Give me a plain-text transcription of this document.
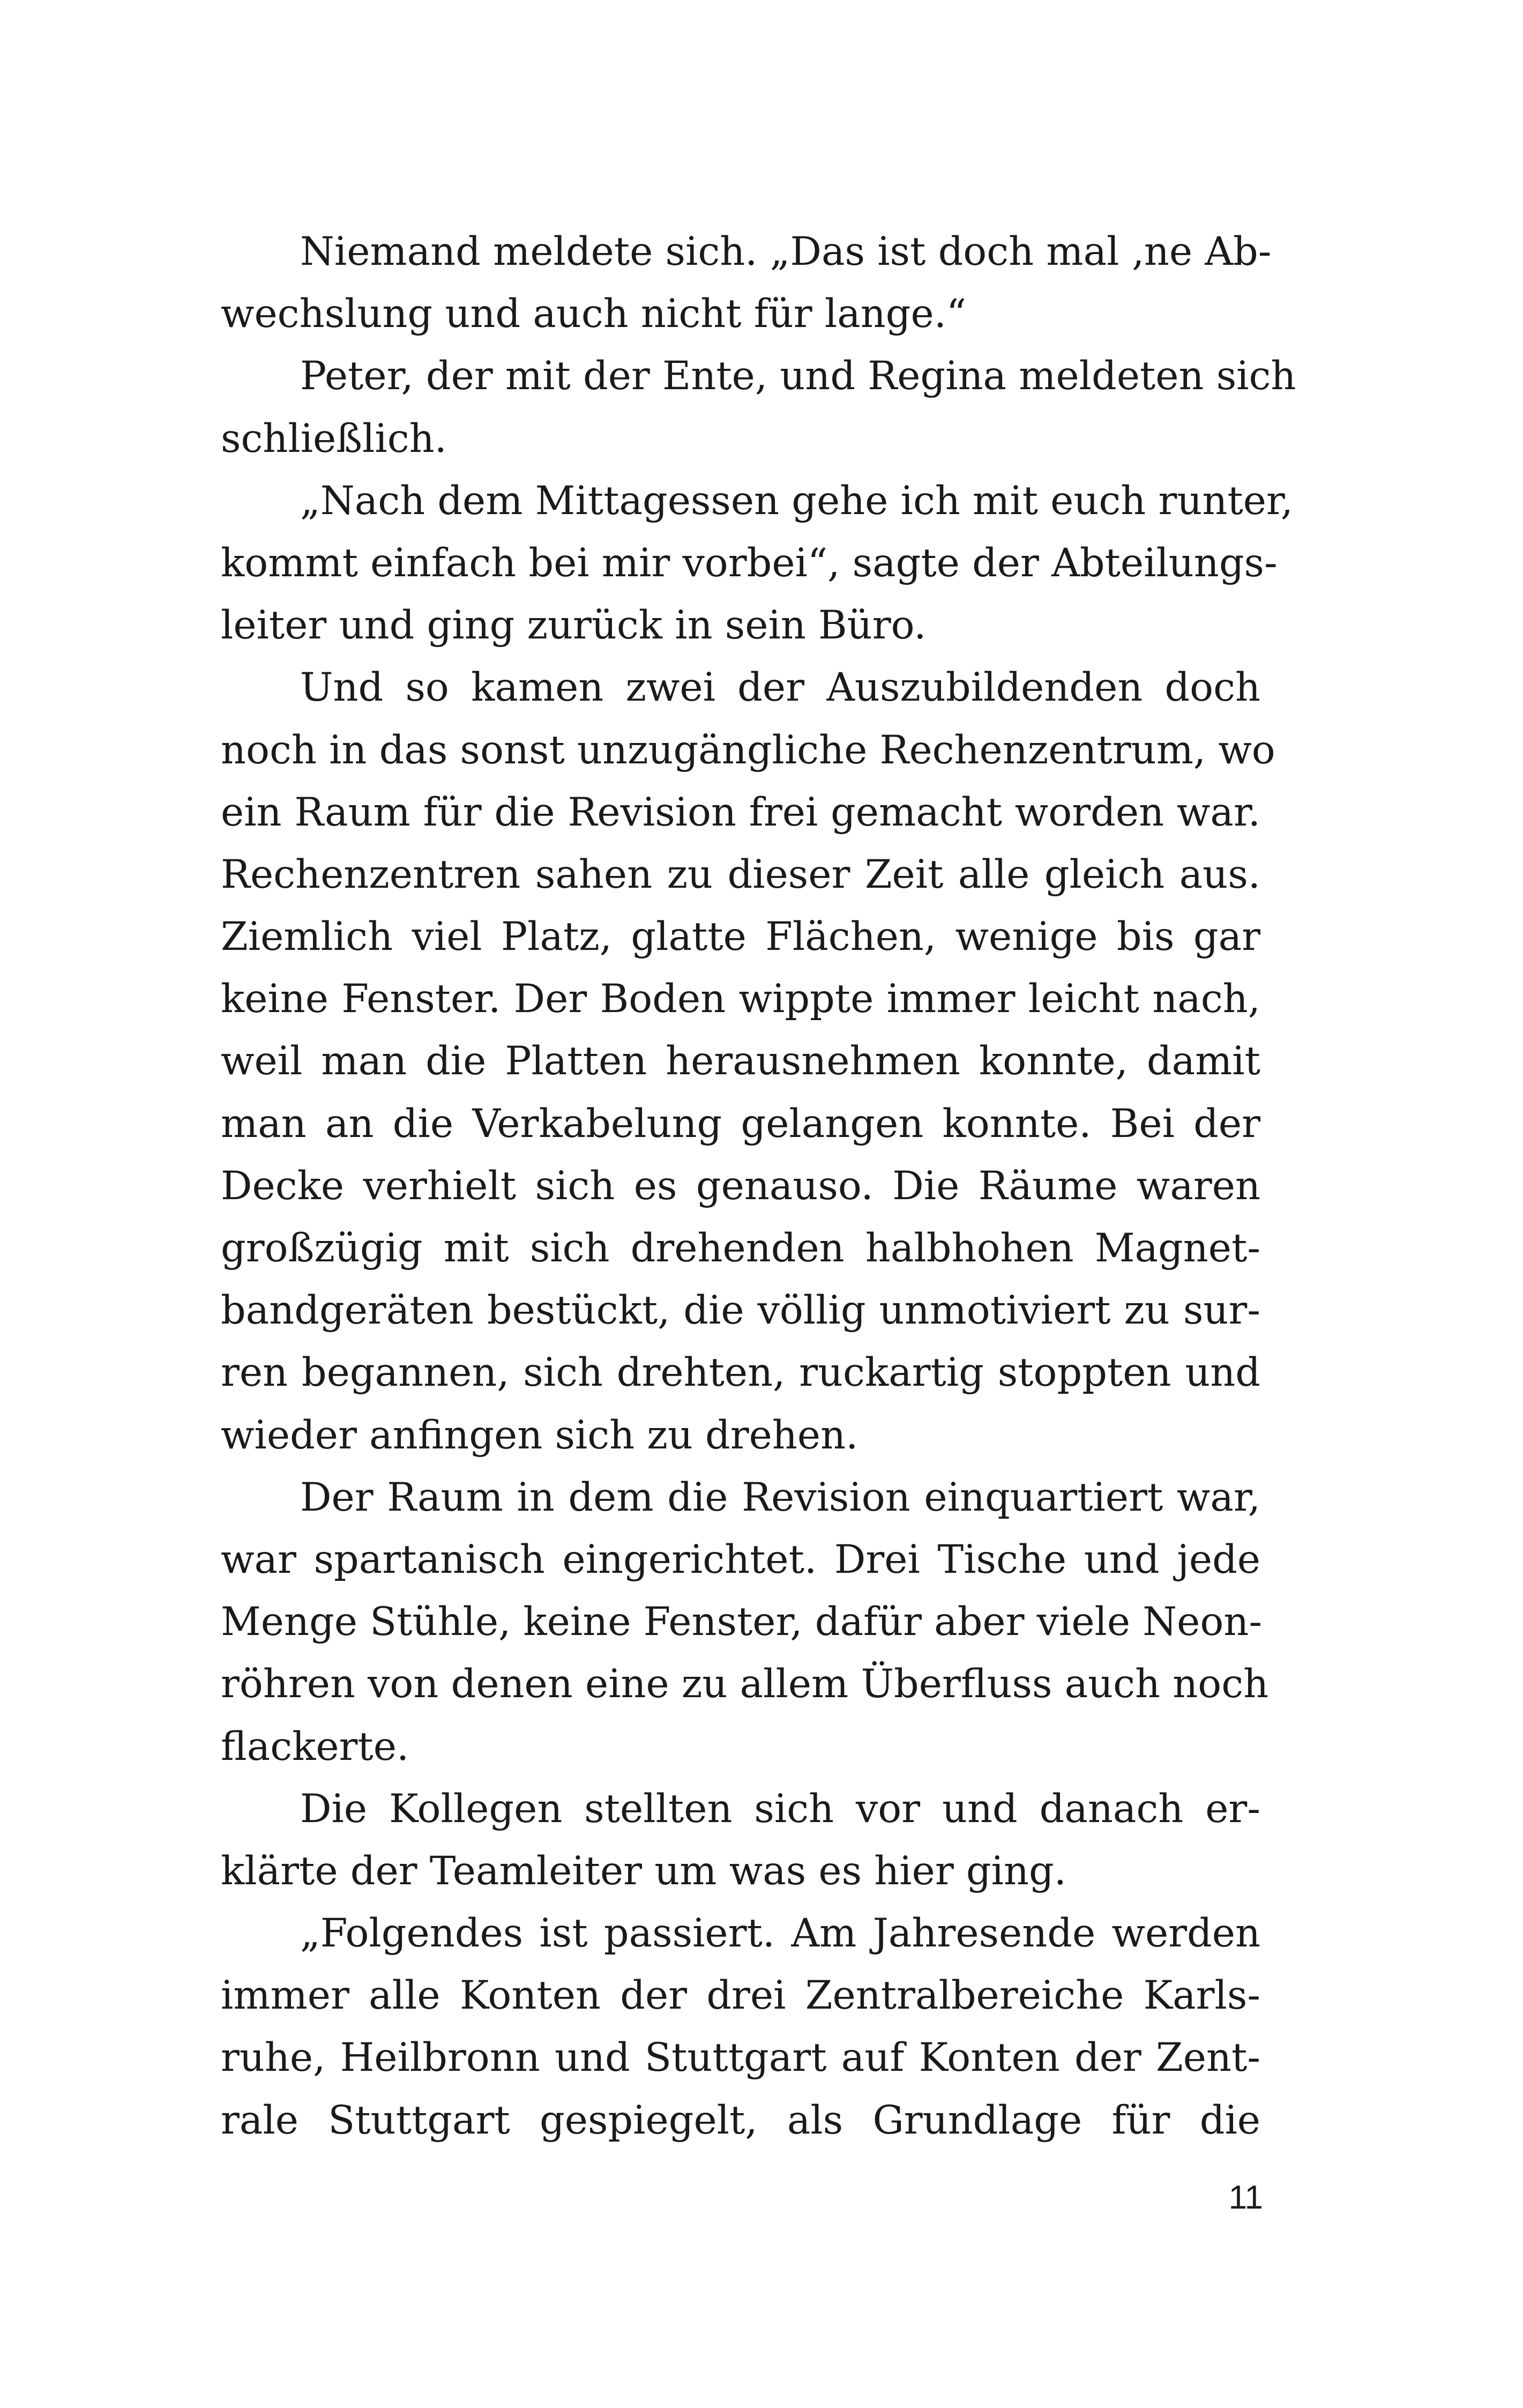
Niemand meldete sich. „Das ist doch mal ‚ne Ab-
wechslung und auch nicht für lange.“
Peter, der mit der Ente, und Regina meldeten sich
schließlich.
„Nach dem Mittagessen gehe ich mit euch runter,
kommt einfach bei mir vorbei“, sagte der Abteilungs-
leiter und ging zurück in sein Büro.
Und so kamen zwei der Auszubildenden doch
noch in das sonst unzugängliche Rechenzentrum, wo
ein Raum für die Revision frei gemacht worden war.
Rechenzentren sahen zu dieser Zeit alle gleich aus.
Ziemlich viel Platz, glatte Flächen, wenige bis gar
keine Fenster. Der Boden wippte immer leicht nach,
weil man die Platten herausnehmen konnte, damit
man an die Verkabelung gelangen konnte. Bei der
Decke verhielt sich es genauso. Die Räume waren
großzügig mit sich drehenden halbhohen Magnet-
bandgeräten bestückt, die völlig unmotiviert zu sur-
ren begannen, sich drehten, ruckartig stoppten und
wieder anfingen sich zu drehen.
Der Raum in dem die Revision einquartiert war,
war spartanisch eingerichtet. Drei Tische und jede
Menge Stühle, keine Fenster, dafür aber viele Neon-
röhren von denen eine zu allem Überfluss auch noch
flackerte.
Die Kollegen stellten sich vor und danach er-
klärte der Teamleiter um was es hier ging.
„Folgendes ist passiert. Am Jahresende werden
immer alle Konten der drei Zentralbereiche Karls-
ruhe, Heilbronn und Stuttgart auf Konten der Zent-
rale Stuttgart gespiegelt, als Grundlage für die
11
